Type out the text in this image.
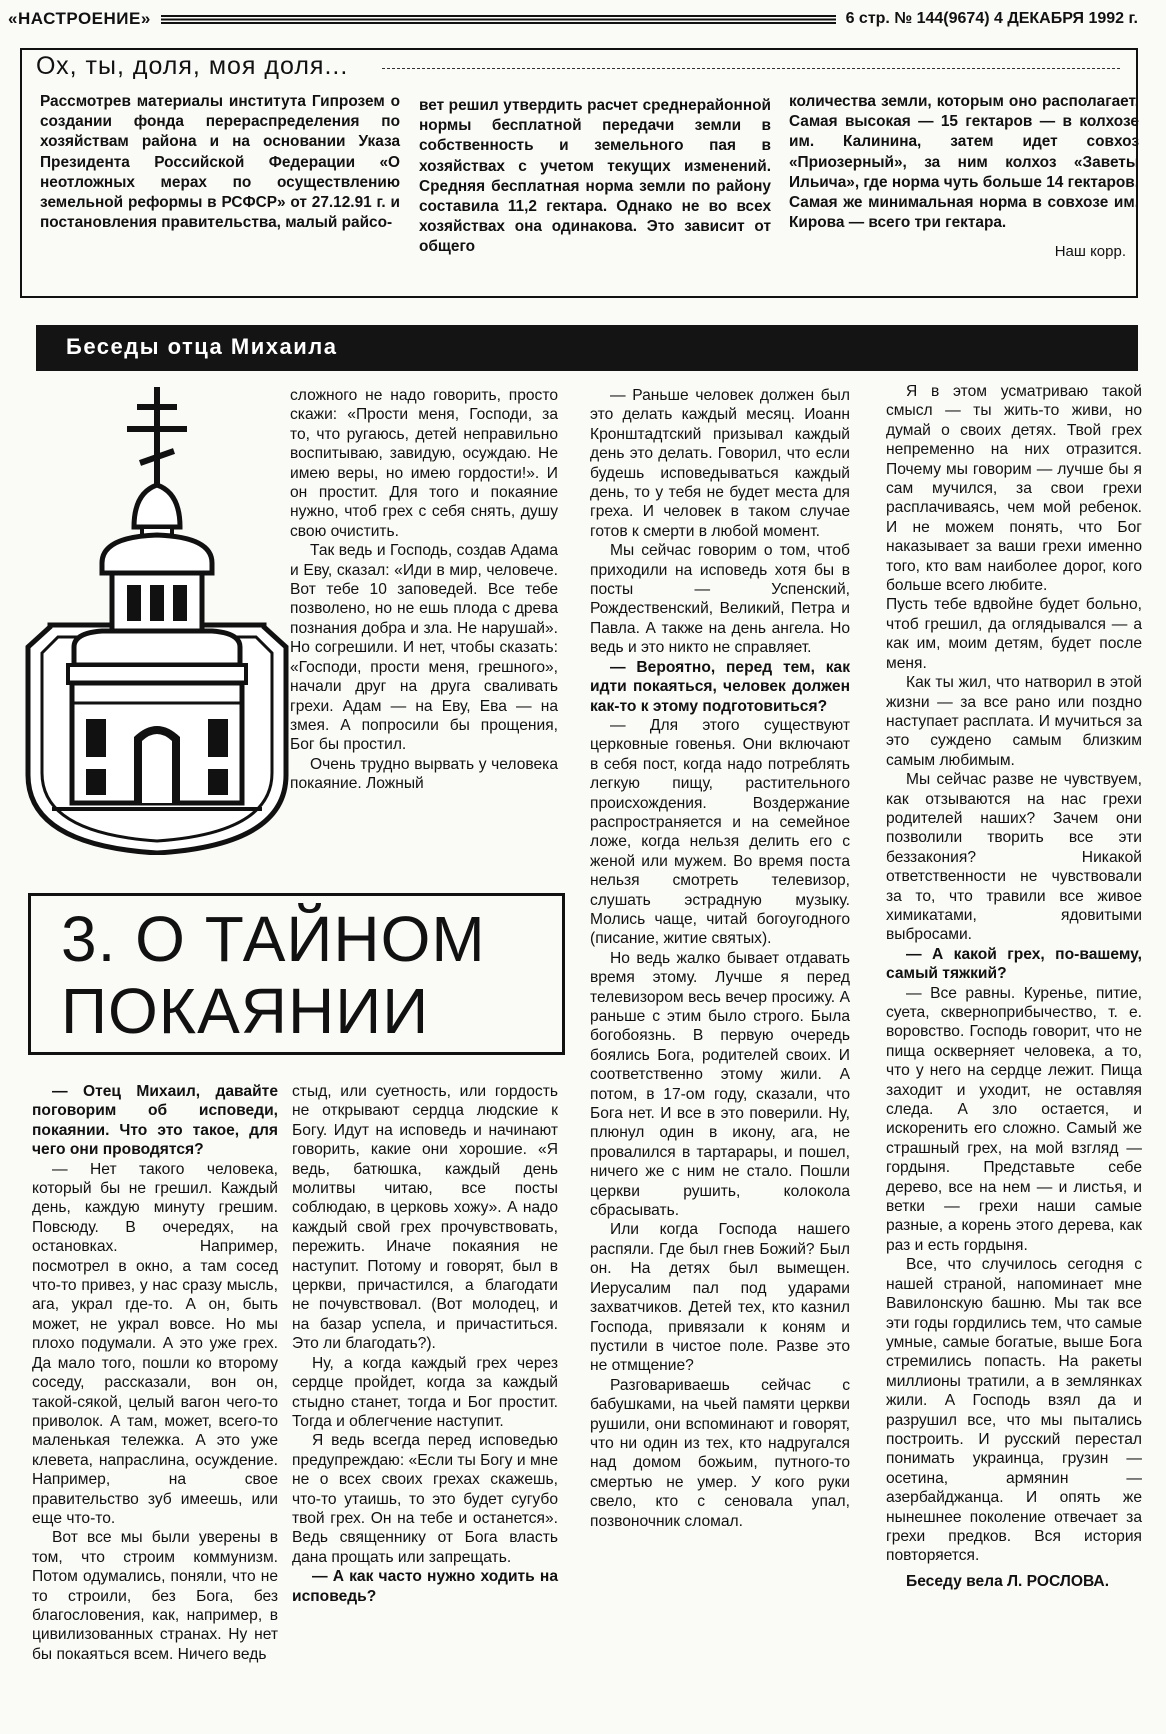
«НАСТРОЕНИЕ»	6 стр. № 144(9674) 4 ДЕКАБРЯ 1992 г.
Ох, ты, доля, моя доля...
Рассмотрев материалы института Гипрозем о создании фонда перераспределения по хозяйствам района и на основании Указа Президента Российской Федерации «О неотложных мерах по осуществлению земельной реформы в РСФСР» от 27.12.91 г. и постановления правительства, малый райсо-
вет решил утвердить расчет среднерайонной нормы бесплатной передачи земли в собственность и земельного пая в хозяйствах с учетом текущих изменений. Средняя бесплатная норма земли по району составила 11,2 гектара. Однако не во всех хозяйствах она одинакова. Это зависит от общего
количества земли, которым оно располагает. Самая высокая — 15 гектаров — в колхозе им. Калинина, затем идет совхоз «Приозерный», за ним колхоз «Заветы Ильича», где норма чуть больше 14 гектаров. Самая же минимальная норма в совхозе им. Кирова — всего три гектара.
Наш корр.
Беседы отца Михаила
3. О ТАЙНОМ
ПОКАЯНИИ

сложного не надо говорить, просто скажи: «Прости меня, Господи, за то, что ругаюсь, детей неправильно воспитываю, завидую, осуждаю. Не имею веры, но имею гордости!». И он простит. Для того и покаяние нужно, чтоб грех с себя снять, душу свою очистить.

Так ведь и Господь, создав Адама и Еву, сказал: «Иди в мир, человече. Вот тебе 10 заповедей. Все тебе позволено, но не ешь плода с древа познания добра и зла. Не нарушай». Но согрешили. И нет, чтобы сказать: «Господи, прости меня, грешного», начали друг на друга сваливать грехи. Адам — на Еву, Ева — на змея. А попросили бы прощения, Бог бы простил.

Очень трудно вырвать у человека покаяние. Ложный

— Раньше человек должен был это делать каждый месяц. Иоанн Кронштадтский призывал каждый день это делать. Говорил, что если будешь исповедываться каждый день, то у тебя не будет места для греха. И человек в таком случае готов к смерти в любой момент.

Мы сейчас говорим о том, чтоб приходили на исповедь хотя бы в посты — Успенский, Рождественский, Великий, Петра и Павла. А также на день ангела. Но ведь и это никто не справляет.

— Вероятно, перед тем, как идти покаяться, человек должен как-то к этому подготовиться?

— Для этого существуют церковные говенья. Они включают в себя пост, когда надо потреблять легкую пищу, растительного происхождения. Воздержание распространяется и на семейное ложе, когда нельзя делить его с женой или мужем. Во время поста нельзя смотреть телевизор, слушать эстрадную музыку. Молись чаще, читай богоугодного (писание, житие святых).

Но ведь жалко бывает отдавать время этому. Лучше я перед телевизором весь вечер просижу. А раньше с этим было строго. Была богобоязнь. В первую очередь боялись Бога, родителей своих. И соответственно этому жили. А потом, в 17-ом году, сказали, что Бога нет. И все в это поверили. Ну, плюнул один в икону, ага, не провалился в тартарары, и пошел, ничего же с ним не стало. Пошли церкви рушить, колокола сбрасывать.

Или когда Господа нашего распяли. Где был гнев Божий? Был он. На детях был вымещен. Иерусалим пал под ударами захватчиков. Детей тех, кто казнил Господа, привязали к коням и пустили в чистое поле. Разве это не отмщение?

Разговариваешь сейчас с бабушками, на чьей памяти церкви рушили, они вспоминают и говорят, что ни один из тех, кто надругался над домом божьим, путного-то смертью не умер. У кого руки свело, кто с сеновала упал, позвоночник сломал.

Я в этом усматриваю такой смысл — ты жить-то живи, но думай о своих детях. Твой грех непременно на них отразится. Почему мы говорим — лучше бы я сам мучился, за свои грехи расплачиваясь, чем мой ребенок. И не можем понять, что Бог наказывает за ваши грехи именно того, кто вам наиболее дорог, кого больше всего любите.

Пусть тебе вдвойне будет больно, чтоб грешил, да оглядывался — а как им, моим детям, будет после меня.

Как ты жил, что натворил в этой жизни — за все рано или поздно наступает расплата. И мучиться за это суждено самым близким самым любимым.

Мы сейчас разве не чувствуем, как отзываются на нас грехи родителей наших? Зачем они позволили творить все эти беззакония? Никакой ответственности не чувствовали за то, что травили все живое химикатами, ядовитыми выбросами.

— А какой грех, по-вашему, самый тяжкий?

— Все равны. Куренье, питие, суета, скверноприбычество, т. е. воровство. Господь говорит, что не пища оскверняет человека, а то, что у него на сердце лежит. Пища заходит и уходит, не оставляя следа. А зло остается, и искоренить его сложно. Самый же страшный грех, на мой взгляд — гордыня. Представьте себе дерево, все на нем — и листья, и ветки — грехи наши самые разные, а корень этого дерева, как раз и есть гордыня.

Все, что случилось сегодня с нашей страной, напоминает мне Вавилонскую башню. Мы так все эти годы гордились тем, что самые умные, самые богатые, выше Бога стремились попасть. На ракеты миллионы тратили, а в землянках жили. А Господь взял да и разрушил все, что мы пытались построить. И русский перестал понимать украинца, грузин — осетина, армянин — азербайджанца. И опять же нынешнее поколение отвечает за грехи предков. Вся история повторяется.

Беседу вела Л. РОСЛОВА.

— Отец Михаил, давайте поговорим об исповеди, покаянии. Что это такое, для чего они проводятся?

— Нет такого человека, который бы не грешил. Каждый день, каждую минуту грешим. Повсюду. В очередях, на остановках. Например, посмотрел в окно, а там сосед что-то привез, у нас сразу мысль, ага, украл где-то. А он, быть может, не украл вовсе. Но мы плохо подумали. А это уже грех. Да мало того, пошли ко второму соседу, рассказали, вон он, такой-сякой, целый вагон чего-то приволок. А там, может, всего-то маленькая тележка. А это уже клевета, напраслина, осуждение. Например, на свое правительство зуб имеешь, или еще что-то.

Вот все мы были уверены в том, что строим коммунизм. Потом одумались, поняли, что не то строили, без Бога, без благословения, как, например, в цивилизованных странах. Ну нет бы покаяться всем. Ничего ведь

стыд, или суетность, или гордость не открывают сердца людские к Богу. Идут на исповедь и начинают говорить, какие они хорошие. «Я ведь, батюшка, каждый день молитвы читаю, все посты соблюдаю, в церковь хожу». А надо каждый свой грех прочувствовать, пережить. Иначе покаяния не наступит. Потому и говорят, был в церкви, причастился, а благодати не почувствовал. (Вот молодец, и на базар успела, и причаститься. Это ли благодать?).

Ну, а когда каждый грех через сердце пройдет, когда за каждый стыдно станет, тогда и Бог простит. Тогда и облегчение наступит.

Я ведь всегда перед исповедью предупреждаю: «Если ты Богу и мне не о всех своих грехах скажешь, что-то утаишь, то это будет сугубо твой грех. Он на тебе и останется». Ведь священнику от Бога власть дана прощать или запрещать.

— А как часто нужно ходить на исповедь?
